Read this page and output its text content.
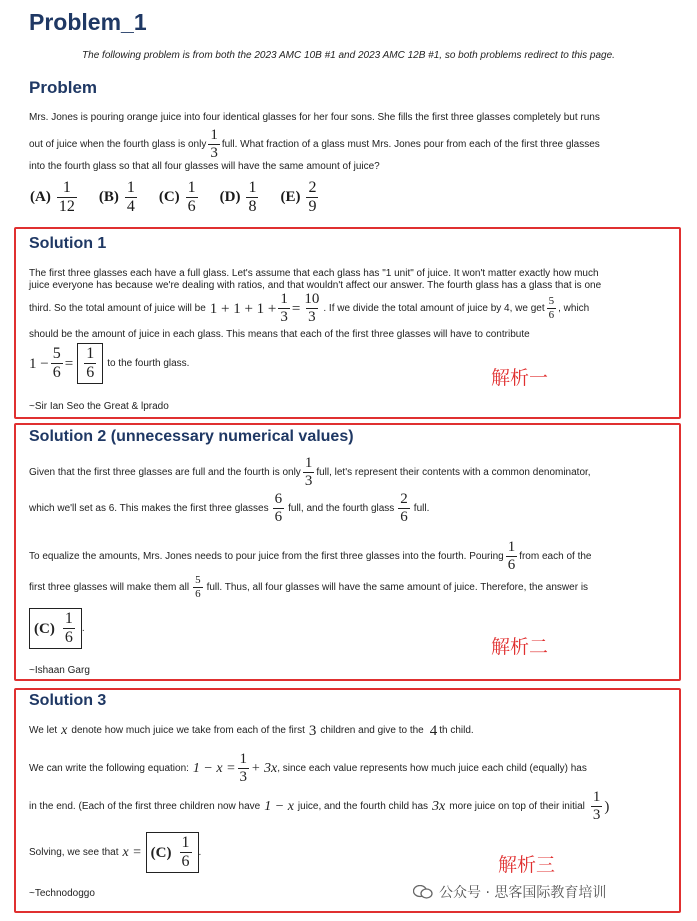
Problem_1
The following problem is from both the 2023 AMC 10B #1 and 2023 AMC 12B #1, so both problems redirect to this page.
Problem
Mrs. Jones is pouring orange juice into four identical glasses for her four sons. She fills the first three glasses completely but runs
out of juice when the fourth glass is only $\frac{1}{3}$ full. What fraction of a glass must Mrs. Jones pour from each of the first three glasses
into the fourth glass so that all four glasses will have the same amount of juice?
$(A) \frac{1}{12} (B) \frac{1}{4} (C) \frac{1}{6} (D) \frac{1}{8} (E) \frac{2}{9}$
Solution 1
The first three glasses each have a full glass. Let's assume that each glass has "1 unit" of juice. It won't matter exactly how much
juice everyone has because we're dealing with ratios, and that wouldn't affect our answer. The fourth glass has a glass that is one
third. So the total amount of juice will be $1 + 1 + 1 + \frac{1}{3} = \frac{10}{3}$ . If we divide the total amount of juice by 4, we get $\frac{5}{6}$ , which
should be the amount of juice in each glass. This means that each of the first three glasses will have to contribute
$1 - \frac{5}{6} = \frac{1}{6}$ to the fourth glass.
~Sir Ian Seo the Great & lprado
解析一
Solution 2 (unnecessary numerical values)
Given that the first three glasses are full and the fourth is only $\frac{1}{3}$ full, let's represent their contents with a common denominator,
which we'll set as 6. This makes the first three glasses $\frac{6}{6}$ full, and the fourth glass $\frac{2}{6}$ full.
To equalize the amounts, Mrs. Jones needs to pour juice from the first three glasses into the fourth. Pouring $\frac{1}{6}$ from each of the
first three glasses will make them all $\frac{5}{6}$ full. Thus, all four glasses will have the same amount of juice. Therefore, the answer is
$(C) \frac{1}{6}$ .
~Ishaan Garg
解析二
Solution 3
We let x denote how much juice we take from each of the first 3 children and give to the 4 th child.
We can write the following equation: $1 - x = \frac{1}{3} + 3x$ , since each value represents how much juice each child (equally) has
in the end. (Each of the first three children now have 1 − x juice, and the fourth child has 3x more juice on top of their initial $\frac{1}{3}$ )
Solving, we see that $x = (C) \frac{1}{6}$ .
~Technodoggo
解析三
公众号 · 思客国际教育培训
